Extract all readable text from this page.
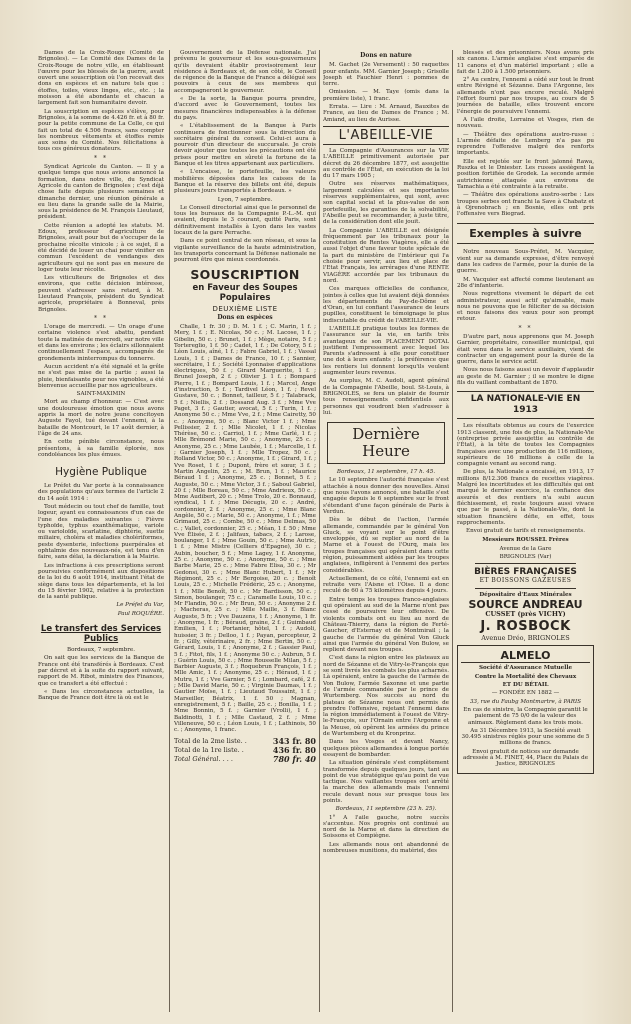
Dames de la Croix-Rouge (Comité de Brignoles). — Le Comité des Dames de la Croix-Rouge de notre ville, en établissant l'œuvre pour les blessés de la guerre, avait ouvert une souscription où l'on recevait des dons en espèces et en nature tels que : étoffes, toiles, vieux linges, etc., etc. ; la moisson a été abondante et chacun a largement fait son humanitaire devoir.

La souscription en espèces s'élève, pour Brignoles, à la somme de 4.426 fr. et à 80 fr. pour la petite commune de La Celle, ce qui fait un total de 4.506 francs, sans compter les nombreux vêtements et étoffes remis aux soins du Comité. Nos félicitations à tous ces généreux donateurs.

* *

Syndicat Agricole du Canton. — Il y a quelque temps que nous avions annoncé la formation, dans notre ville, du Syndicat Agricole du canton de Brignoles ; c'est déjà chose faite depuis plusieurs semaines et dimanche dernier, une réunion générale a eu lieu dans la grande salle de la Mairie, sous la présidence de M. François Lieutaud, président.

Cette réunion a adopté les statuts. M. Edoux, professeur d'agriculture de Brignoles, avait pour but de s'occuper de la prochaine récolte vinicole ; à ce sujet, il a été décidé de louer un chai pour vinifier en commun l'excédent de vendanges des agriculteurs qui ne sont pas en mesure de loger toute leur récolte.

Les viticulteurs de Brignoles et des environs, que cette décision intéresse, peuvent s'adresser sans retard, à M. Lieutaud François, président du Syndicat agricole, propriétaire à Bonneval, près Brignoles.

* *

L'orage de mercredi. — Un orage d'une certaine violence s'est abattu, pendant toute la matinée de mercredi, sur notre ville et dans les environs ; les éclairs sillonnaient continuellement l'espace, accompagnés de grondements ininterrompus du tonnerre.

Aucun accident n'a été signalé et la grêle ne s'est pas mise de la partie ; aussi la pluie, bienfaisante pour nos vignobles, a été bienvenue accueillie par nos agriculteurs.

SAINT-MAXIMIN

Mort au champ d'honneur. — C'est avec une douloureuse émotion que nous avons appris la mort de notre jeune concitoyen Auguste Fayol, tué devant l'ennemi, à la bataille de Montcourt, le 17 août dernier, à l'âge de 24 ans.

En cette pénible circonstance, nous présentons, à sa famille éplorée, nos condoléances les plus émues.

Hygiène Publique

Le Préfet du Var porte à la connaissance des populations qu'aux termes de l'article 2 du 14 août 1914 :

Tout médecin ou tout chef de famille, tout logeur, ayant eu connaissances d'un cas de l'une des maladies suivantes : Fièvre typhoïde, typhus exanthématique, variole ou varioloïde, scarlatine, diphtérie, suette miliaire, choléra et maladies cholériformes, peste dysenterie, infections puerpérales et ophtalmie des nouveaux-nés, est tenu d'en faire, sans délai, la déclaration à la Mairie.

Les infractions à ces prescriptions seront poursuivies conformément aux dispositions de la loi du 6 août 1914, instituant l'état de siège dans tous les départements, et la loi du 15 février 1902, relative à la protection de la santé publique.

Le Préfet du Var,

Paul ROQUÈRE.

Le transfert des Services Publics

Bordeaux, 7 septembre.

On sait que les services de la Banque de France ont été transférés à Bordeaux. C'est par décret et à la suite du rapport suivant, rapport de M. Ribot, ministre des Finances, que ce transfert a été effectué :

« Dans les circonstances actuelles, la Banque de France doit être là où est le

Gouvernement de la Défense nationale. J'ai prévenu le gouverneur et les sous-gouverneurs qu'ils devraient établir provisoirement leur résidence à Bordeaux et, de son côté, le Conseil de régence de la Banque de France a délégué ses pouvoirs à ceux de ses membres qui accompagneront le gouverneur.

« De la sorte, la Banque pourra prendre, d'accord avec le Gouvernement, toutes les mesures financières indispensables à la défense du pays.

« L'établissement de la Banque à Paris continuera de fonctionner sous la direction du secrétaire général du conseil. Celui-ci aura à pourvoir d'un directeur de succursale. Je crois devoir ajouter que toutes les précautions ont été prises pour mettre en sûreté la fortune de la Banque et les titres appartenant aux particuliers.

« L'encaisse, le portefeuille, les valeurs mobilières déposées dans les caisses de la Banque et la réserve des billets ont été, depuis plusieurs jours transportés à Bordeaux. »

Lyon, 7 septembre.

Le Conseil directorial ainsi que le personnel de tous les bureaux de la Compagnie P.-L.-M. qui avaient, depuis le 3 courant, quitté Paris, sont définitivement installés à Lyon dans les vastes locaux de la gare Perrache.

Dans ce point central de son réseau, et sous la vigilante surveillance de la haute administration, les transports concernant la Défense nationale ne pourront être que mieux coordonnés.

SOUSCRIPTION
en Faveur des Soupes Populaires
DEUXIÈME LISTE
Dons en espèces

Challe, 1 fr. 30 ; D. M. 1 f. ; C. Marin, 1 f. ; Mery, 1 f. ; E. Nicolas, 50 c. ; M. Lacose, 1 f. ; Gibelin, 50 c. ; Brunet, 1 f. ; Mège, notaire, 5 f. ; Tortereglio, 1 f. 50 ; Cadet, 1 f. ; De Cotory, 5 f. ; Léon Louis, aîné, 1 f. ; Fabre Gabriel, 1 f. ; Vassal Louis, 1 f. ; Dames de France, 10 f. ; Sannier, secrétaire, 1 f. ; Société Lyonnaise d'applications électriques, 50 f. ; Girard Marguerite, 1 f. ; Brunel Joseph, 2 f. ; Olivier J. 1 f. ; Bompard Pierre, 1 f. ; Bompard Louis, 1 f. ; Marcel, Ange d'instruction, 5 f. ; Tardivel Léon, 1 f. ; Revel Gustave, 50 c. ; Bonnet, tailleur, 5 f. ; Talabrack, 5 f. ; Niellis, 2 f. ; Dossand Aug. 3 f. ; Mme Vve Paget, 3 f. ; Gautier, avocat, 5 f. ; Turin, 1 f. ; Anonyme 50 c. ; Mme Vve, 2 f. ; Mme Cairetty, 50 c. ; Anonyme, 50 c. ; Blanc Victor 1 f. ; Mme Pellissier, 2 f. ; Mlle Nicolet, 1 f. ; Nicolas Thérèse, 50 c. ; Carriol, 1 f. ; Mme Carlé, 1 f. ; Mlle Brémond Marie, 50 c. ; Anonyme, 25 c. ; Anonyme, 25 c. ; Mme Laubée, 1 f. ; Marcelle, 1 f. ; Garnier Joseph, 1 f. ; Mlle Tropez, 50 c. ; Rolland Victor, 50 c. ; Anonyme, 1 f. ; Girard, 1 f. ; Vve Roset, 1 f. ; Dupont, frère et sœur, 3 f. ; Martin Angelin, 25 c. ; M. Brun, 1 f. ; Maurice Béraud 1 f. ; Anonyme, 25 c. ; Bonnet, 5 f. ; Auguste, 50 c. ; Mme Victor, 3 f. ; Saboul Gabriel, 20 f. ; Mlle Boreau, 50 c. ; Mme Andrieux, 50 c. ; Mme Audibert, 20 c. ; Mme Trolo, 20 c. Bonnaud, syndical, 1 f. ; Mme Décugis, 20 c. ; André, cordonnier, 2 f. ; Anonyme, 25 c. ; Mme Blanc Angèle, 50 c. ; Marie, 50 c. ; Anonyme, 1 f. ; Mme Grimaud, 25 c. ; Combe, 50 c. ; Mme Delmas, 50 c. ; Vallet, cordonnier, 25 c. ; Méan, 1 f. 50 ; Mme Vve Élisée, 2 f. ; Jalifaux, tabacs, 2 f. ; Larose, boulanger, 1 f. ; Mme Gouin, 50 c. ; Mme Autric, 1 f. ; Mme Mistre (Celliers d'Epagne), 30 c. ; Aubin, boucher, 5 f. ; Mme Lagey, 1 f. Anonyme, 25 c. ; Anonyme, 50 c. ; Anonyme, 50 c. ; Mme Barbe Marie, 25 c. ; Mme Fabre Elisa, 30 c. ; Mr Gedonsi, 30 c. ; Mme Blanc Hubert, 1 f. ; Mr Régimont, 25 c. ; Mr Bergoise, 20 c. ; Benoît Louis, 25 c. ; Michelle Frédéric, 25 c. ; Anonyme, 1 f. ; Mlle Benoît, 50 c. ; Mr Bardisson, 50 c. ; Simon, boulanger, 75 c. ; Caramelle Louis, 10 c. ; Mr Flandin, 50 c. ; Mr Brun, 50 c. ; Anonyme 2 f. ; Macheras, 25 c. ; Mlle Maille, 3 f. Blanc Auguste, 5 fr. ; Vve Dauzens, 1 f. ; Anonyme, 1 fr. ; Anonyme, 1 fr. ; Béraud, graine, 2 f. ; Guimbaud Emilien, 1 f. ; Portanier, hôtel, 1 f. ; Audoli, huissier, 3 fr. ; Delloo, 1 f. ; Payan, percepteur, 2 fr. ; Gilly, vétérinaire, 2 fr. ; Mme Bertin, 50 c. ; Gérard, Louis, 1 f. ; Anonyme, 2 f. ; Gassier Paul, 5 f. ; Fitot, fils, 1 f. ; Anonyme 50 c. ; Aubrun, 5 f. ; Guérin Louis, 50 c. ; Mme Rousselle Milan, 5 f. ; Barbier Auguste, 3 f. ; Roquebrun François, 1 f. ; Mlle Amic, 1 f. ; Anonyme, 25 c. ; Héraud, 1 f. ; Mutru, 1 f. ; Vve Garnier, 5 f. ; Lombard, café, 2 f. ; Mlle David Marie, 50 c. ; Virginie Daumas, 1 f. ; Gautier Moïse, 1 f. ; Lieutaud Toussaint, 1 f. ; Marseiller, Béatrix, 1 f. 50 ; Magnan, enregistrement, 5 f. ; Baille, 25 c. ; Bonilla, 1 f. ; Mme Bonnin, 5 f. ; Garnier (Vrolli), 1 f. ; Baldinotti, 1 f. ; Mlle Castaud, 2 f. ; Mme Villeneuve, 50 c. ; Léon Louis, 1 f. ; Lathinois, 50 c. ; Anonyme, 1 franc.

Total de la 2me liste. .	343 fr. 80
Total de la 1re liste. .	436 fr. 80
Total Général. . . .	780 fr. 40
Dons en nature

M. Gachet (2e Versement) : 50 raquettes pour enfants. MM. Garnier Joseph ; Grisolle Joseph et Fauchier Henri : pommes de terre.

Omission. — M. Taye (omis dans la première liste), 1 franc.

Errata. — Lire : M. Arnaud, Bauxites de France, au lieu de Dames de France ; M. Amiand, au lieu de Aurisse.

L'ABEILLE-VIE

La Compagnie d'Assurances sur la VIE L'ABEILLE primitivement autorisée par décret du 26 décembre 1877, est assujettie au contrôle de l'État, en exécution de la loi du 17 mars 1905 ;

Outre ses réserves mathématiques, largement calculées et ses importantes réserves supplémentaires, qui sont, avec son capital social et la plus-value de son portefeuille, les garanties de la solvabilité, l'Abeille peut se recommander, à juste titre, de la considération dont elle jouit.

La Compagnie L'ABEILLE est désignée fréquemment par les tribunaux pour la constitution de Rentes Viagères, elle a été aussi l'objet d'une faveur toute spéciale de la part du ministère de l'intérieur qui l'a choisie pour servir, aux lieu et place de l'Etat Français, les arrérages d'une RENTE VIAGÈRE accordée par les tribunaux du nord.

Ces marques officielles de confiance, jointes à celles que lui avaient déjà données les départements du Pay-de-Dôme et d'Oran, en lui confiant l'assurance de leurs pupilles, constituent le témoignage le plus indiscutable du crédit de l'ABEILLE-VIE.

L'ABEILLE pratique toutes les formes de l'assurance sur la vie, en tarifs très avantageux de son PLACEMENT DOTAL justifient l'empressement avec lequel les Parents s'adressent à elle pour constituer une dot à leurs enfants ; la préférence que les rentiers lui donnent lorsqu'ils veulent augmenter leurs revenus.

Au surplus, M. C. Audoli, agent général de la Compagnie l'Abeille, boul. St-Louis, à BRIGNOLES, se fera un plaisir de fournir tous renseignements confidentiels aux personnes qui voudront bien s'adresser à lui.

Dernière Heure

Bordeaux, 11 septembre, 17 h. 45.

Le 10 septembre l'autorité française s'est attachée à nous donner des nouvelles. Ainsi que nous l'avons annoncé, une bataille s'est engagée depuis le 6 septembre sur le front s'étendant d'une façon générale de Paris à Verdun.

Dès le début de l'action, l'armée allemande, commandée par le général Von Gluck, se voyant sur le point d'être enveloppée, dû se replier au nord de la Marne et à l'ouest de l'Ourq, mais les troupes françaises qui opéraient dans cette région, puissamment aidées par les troupes anglaises, infligèrent à l'ennemi des pertes considérables.

Actuellement, de ce côté, l'ennemi est en retraite vers l'Aisne et l'Oise. Il a donc reculé de 60 à 75 kilomètres depuis 4 jours.

Entre temps les troupes franco-anglaises qui opéraient au sud de la Marne n'ont pas cessé de poursuivre leur offensive. De violents combats ont eu lieu au nord de Château-Thierry, dans la région de Ferté-Gaucher, d'Esternay et de Montmirail ; la gauche de l'armée du général Von Gluck ainsi que l'armée du général Von Bulow, se replient devant nos troupes.

C'est dans la région entre les plateaux au nord de Sézanne et de Vitry-le-François que se sont livrés les combats les plus acharnés. Là opéraient, entre la gauche de l'armée de Von Bulow, l'armée Saxonne et une partie de l'armée commandée par le prince de Wurtemberg. Nos succès au nord du plateau de Sézanne nous ont permis de prendre l'offensive, rejetant l'ennemi dans la région immédiatement à l'ouest de Vitry-le-François, sur l'Ornain entre l'Argonne et la Meuse, où opèrent les armées du prince de Wurtemberg et du Kronprinz.

Dans les Vosges et devant Nancy, quelques pièces allemandes à longue portée essayent de bombarder.

La situation générale s'est complètement transformée depuis quelques jours, tant au point de vue stratégique qu'au point de vue tactique. Nos vaillantes troupes ont arrêté la marche des allemands mais l'ennemi recule devant nous sur presque tous les points.

Bordeaux, 11 septembre (23 h. 25).

1° A l'aile gauche, notre succès s'accentue. Nos progrès ont continué au nord de la Marne et dans la direction de Soissons et Compiègne.

Les allemands nous ont abandonné de nombreuses munitions, du matériel, des

blessés et des prisonniers. Nous avons pris six canons. L'armée anglaise s'est emparée de 11 canons et d'un matériel important ; elle a fait de 1.200 à 1.500 prisonniers.

2° Au centre, l'ennemi a cédé sur tout le front entre Révigné et Sézanne. Dans l'Argonne, les allemands n'ont pas encore reculé. Malgré l'effort fourni par nos troupes, au cours de 5 journées de bataille, elles trouvent encore l'énergie de poursuivre l'ennemi.

A l'aile droite, Lorraine et Vosges, rien de nouveau.

— Théâtre des opérations austro-russe : L'armée défaite de Lemberg n'a pas pu reprendre l'offensive malgré des renforts importants.

Elle est rejetée sur le front jalonné Rawa, Ruszka et le Dniester. Les russes assiègent la position fortifiée de Grodek. La seconde armée autrichienne attaquée aux environs de Tamachia a été contrainte à la retraite.

— Théâtre des opérations austro-serbe : Les troupes serbes ont franchi la Save à Chabatz et à Ojrenobrach ; en Bosnie, elles ont pris l'offensive vers Biegrad.

Exemples à suivre

Notre nouveau Sous-Préfet, M. Vacquier, vient sur sa demande expresse, d'être renvoyé dans les cadres de l'armée, pour la durée de la guerre.

M. Vacquier est affecté comme lieutenant au 28e d'infanterie.

Nous regrettons vivement le départ de cet administrateur, aussi actif qu'aimable, mais nous ne pouvons que le féliciter de sa décision et nous faisons des vœux pour son prompt retour.

* *

D'autre part, nous apprenons que M. Joseph Garnier, propriétaire, conseiller municipal, qui était venu dans le service auxiliaire, vient de contracter un engagement pour la durée de la guerre, dans le service actif.

Nous nous faisons aussi un devoir d'applaudir au geste de M. Garnier ; il se montre le digne fils du vaillant combattant de 1870.

LA NATIONALE-VIE EN 1913

Les résultats obtenus au cours de l'exercice 1913 classent, une fois de plus, la Nationale-Vie (entreprise privée assujettie au contrôle de l'État), à la tête de toutes les Compagnies françaises avec une production de 116 millions, supérieure de 16 millions à celle de la compagnie venant au second rang.

De plus, la Nationale a encaissé, en 1913, 17 millions 8/12.306 francs de recettes viagères. Malgré les incertitudes et les difficultés qui ont marqué le dernier exercice, la confiance des assurés et des rentiers n'a subi aucun fléchissement, et reste toujours aussi vivace que par le passé, à la Nationale-Vie, dont la situation financière défie, en effet, tous rapprochements.

Envoi gratuit de tarifs et renseignements.

Messieurs ROUSSEL Frères

Avenue de la Gare

BRIGNOLES (Var)

BIÈRES FRANÇAISES
ET BOISSONS GAZEUSES
Dépositaire d'Eaux Minérales
SOURCE ANDREAU
CUSSET (près VICHY)
J. ROSBOCK
Avenue Dréo, BRIGNOLES
ALMELO

Société d'Assurance Mutuelle

Contre la Mortalité des Chevaux

ET DU BÉTAIL

— FONDÉE EN 1882 —

33, rue du Faubg Montmartre, à PARIS

En cas de sinistre, la Compagnie garantit le paiement de 75 0/0 de la valeur des animaux. Règlement dans les trois mois.

Au 31 Décembre 1913, la Société avait 30.495 sinistres réglés pour une somme de 5 millions de francs.

Envoi gratuit de notices sur demande adressée à M. FINET, 44, Place du Palais de Justice, BRIGNOLES
